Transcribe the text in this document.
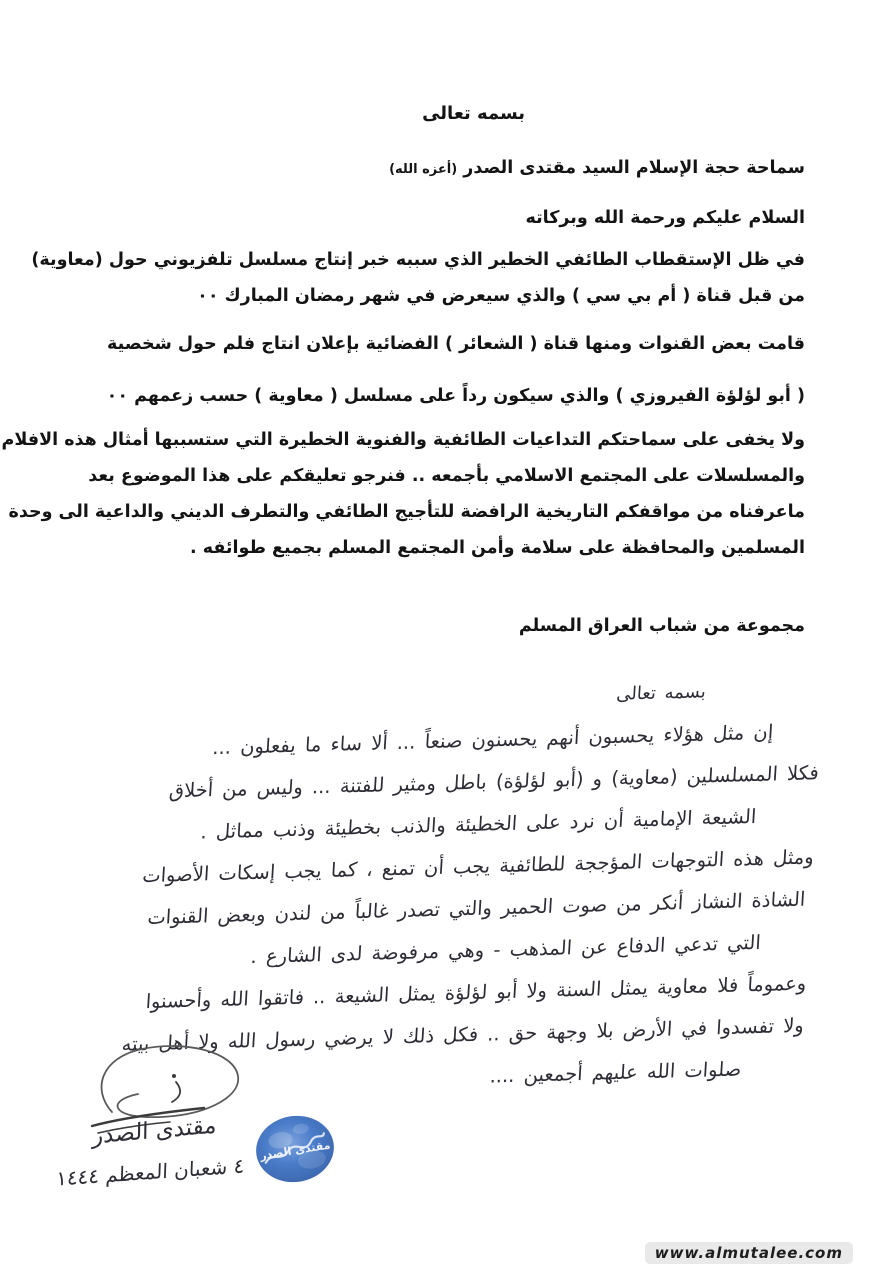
بسمه تعالى
سماحة حجة الإسلام السيد مقتدى الصدر (أعزه الله)
السلام عليكم ورحمة الله وبركاته
في ظل الإستقطاب الطائفي الخطير الذي سببه خبر إنتاج مسلسل تلفزيوني حول (معاوية)
من قبل قناة ( أم بي سي ) والذي سيعرض في شهر رمضان المبارك ٠٠
قامت بعض القنوات ومنها قناة ( الشعائر ) الفضائية بإعلان انتاج فلم حول شخصية
( أبو لؤلؤة الفيروزي ) والذي سيكون رداً على مسلسل ( معاوية ) حسب زعمهم ٠٠
ولا يخفى على سماحتكم التداعيات الطائفية والفنوية الخطيرة التي ستسببها أمثال هذه الافلام
والمسلسلات على المجتمع الاسلامي بأجمعه .. فنرجو تعليقكم على هذا الموضوع بعد
ماعرفناه من مواقفكم التاريخية الرافضة للتأجيج الطائفي والتطرف الديني والداعية الى وحدة
المسلمين والمحافظة على سلامة وأمن المجتمع المسلم بجميع طوائفه .
مجموعة من شباب العراق المسلم
بسمه تعالى
إن مثل هؤلاء يحسبون أنهم يحسنون صنعاً ... ألا ساء ما يفعلون ...
فكلا المسلسلين (معاوية) و (أبو لؤلؤة) باطل ومثير للفتنة ... وليس من أخلاق
الشيعة الإمامية أن نرد على الخطيئة والذنب بخطيئة وذنب مماثل .
ومثل هذه التوجهات المؤججة للطائفية يجب أن تمنع ، كما يجب إسكات الأصوات
الشاذة النشاز أنكر من صوت الحمير والتي تصدر غالباً من لندن وبعض القنوات
التي تدعي الدفاع عن المذهب - وهي مرفوضة لدى الشارع .
وعموماً فلا معاوية يمثل السنة ولا أبو لؤلؤة يمثل الشيعة .. فاتقوا الله وأحسنوا
ولا تفسدوا في الأرض بلا وجهة حق .. فكل ذلك لا يرضي رسول الله ولا أهل بيته
صلوات الله عليهم أجمعين ....
مقتدى الصدر
٤ شعبان المعظم ١٤٤٤
مقتدى الصدر
www.almutalee.com
